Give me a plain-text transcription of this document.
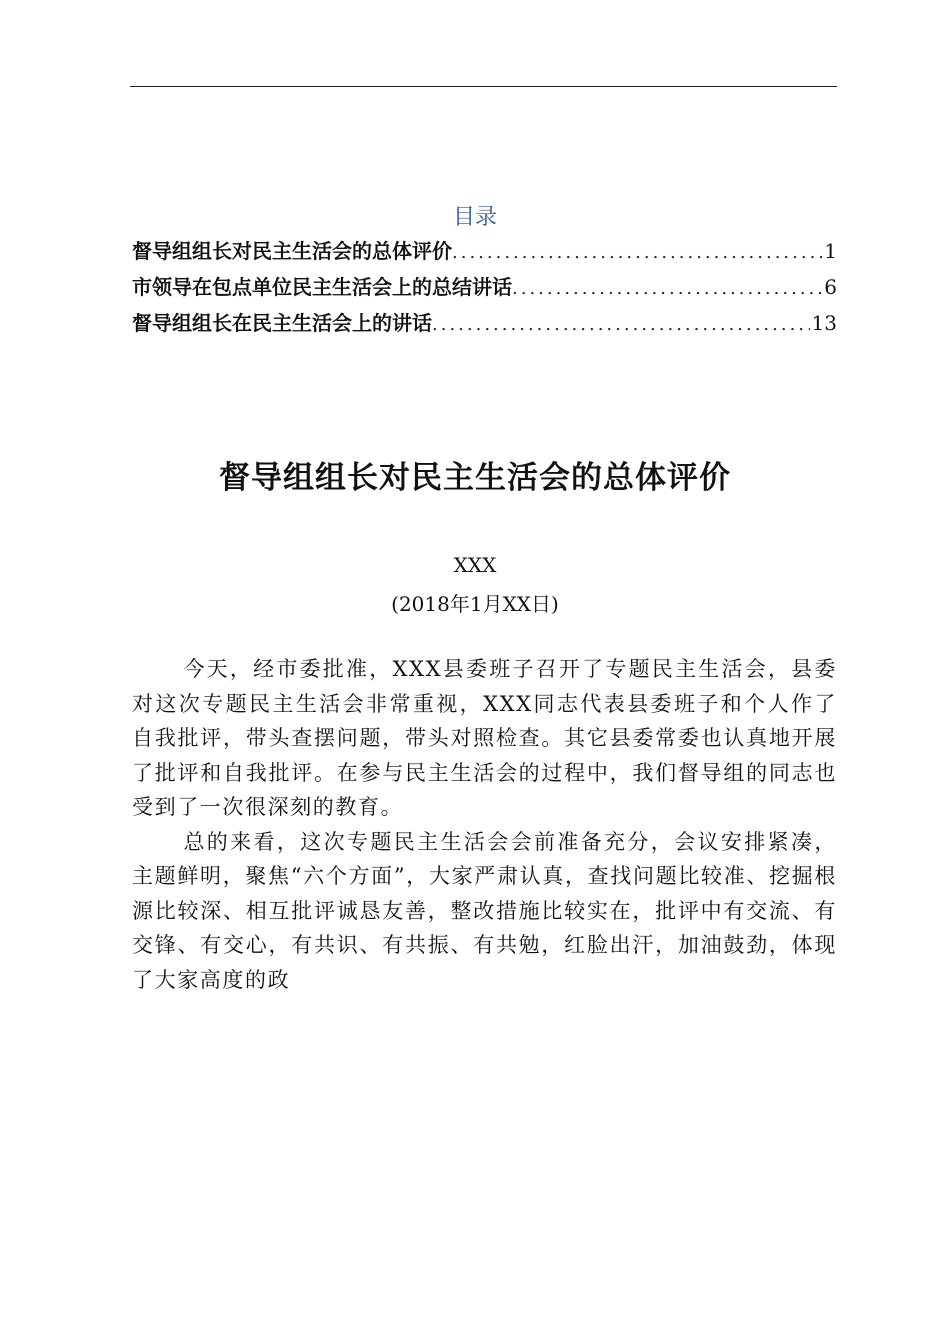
目录
督导组组长对民主生活会的总体评价 .....	1
市领导在包点单位民主生活会上的总结讲话 .....	6
督导组组长在民主生活会上的讲话 .....	13
督导组组长对民主生活会的总体评价
XXX
(2018年1月XX日)

今天，经市委批准，XXX县委班子召开了专题民主生活会，县委对这次专题民主生活会非常重视，XXX同志代表县委班子和个人作了自我批评，带头查摆问题，带头对照检查。其它县委常委也认真地开展了批评和自我批评。在参与民主生活会的过程中，我们督导组的同志也受到了一次很深刻的教育。

总的来看，这次专题民主生活会会前准备充分，会议安排紧凑，主题鲜明，聚焦“六个方面”，大家严肃认真，查找问题比较准、挖掘根源比较深、相互批评诚恳友善，整改措施比较实在，批评中有交流、有交锋、有交心，有共识、有共振、有共勉，红脸出汗，加油鼓劲，体现了大家高度的政
